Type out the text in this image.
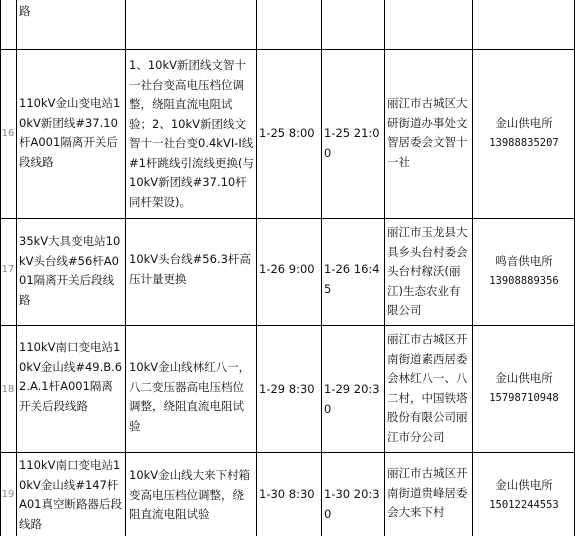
路
16
110kV金山变电站10kV新团线#37.10杆A001隔离开关后段线路
1、10kV新团线文智十一社台变高电压档位调整，绕阻直流电阻试验；2、10kV新团线文智十一社台变0.4kVI-I线#1杆跳线引流线更换(与10kV新团线#37.10杆同杆架设)。
1-25 8:00 1-25 21:00
丽江市古城区大研街道办事处文智居委会文智十一社
金山供电所
13988835207
17
35kV大具变电站10kV头台线#56杆A001隔离开关后段线路
10kV头台线#56.3杆高压计量更换
1-26 9:00 1-26 16:45
丽江市玉龙县大具乡头台村委会头台村稼沃(丽江)生态农业有限公司
鸣音供电所
13908889356
18
110kV南口变电站10kV金山线#49.B.62.A.1杆A001隔离开关后段线路
10kV金山线林红八一，八二变压器高电压档位调整，绕阻直流电阻试验
1-29 8:30 1-29 20:30
丽江市古城区开南街道素西居委会林红八一、八二村，中国铁塔股份有限公司丽江市分公司
金山供电所
15798710948
19
110kV南口变电站10kV金山线#147杆A01真空断路器后段线路
10kV金山线大来下村箱变高电压档位调整，绕阻直流电阻试验
1-30 8:30 1-30 20:30
丽江市古城区开南街道贵峰居委会大来下村
金山供电所
15012244553
